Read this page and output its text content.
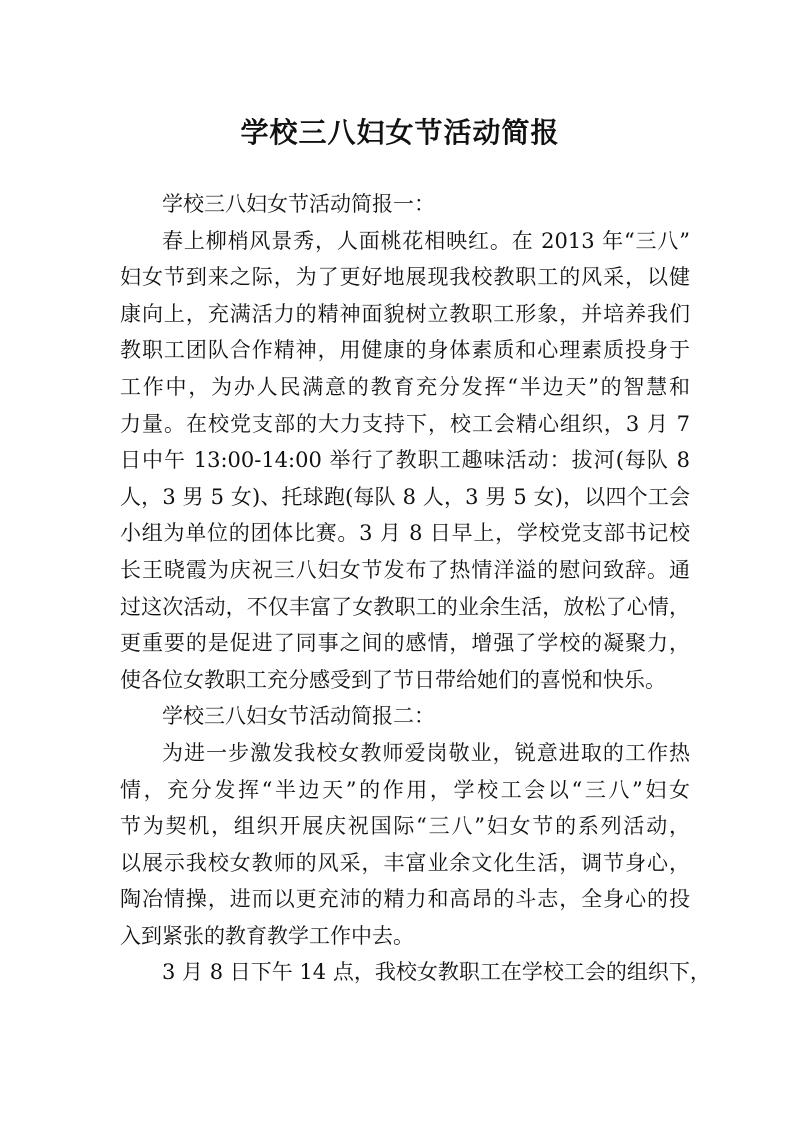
学校三八妇女节活动简报

学校三八妇女节活动简报一：

春上柳梢风景秀，人面桃花相映红。在 2013 年“三八”
妇女节到来之际，为了更好地展现我校教职工的风采，以健
康向上，充满活力的精神面貌树立教职工形象，并培养我们
教职工团队合作精神，用健康的身体素质和心理素质投身于
工作中，为办人民满意的教育充分发挥“半边天”的智慧和
力量。在校党支部的大力支持下，校工会精心组织，3 月 7
日中午 13:00-14:00 举行了教职工趣味活动：拔河(每队 8
人，3 男 5 女)、托球跑(每队 8 人，3 男 5 女)，以四个工会
小组为单位的团体比赛。3 月 8 日早上，学校党支部书记校
长王晓霞为庆祝三八妇女节发布了热情洋溢的慰问致辞。通
过这次活动，不仅丰富了女教职工的业余生活，放松了心情，
更重要的是促进了同事之间的感情，增强了学校的凝聚力，
使各位女教职工充分感受到了节日带给她们的喜悦和快乐。

学校三八妇女节活动简报二：

为进一步激发我校女教师爱岗敬业，锐意进取的工作热
情，充分发挥“半边天”的作用，学校工会以“三八”妇女
节为契机，组织开展庆祝国际“三八”妇女节的系列活动，
以展示我校女教师的风采，丰富业余文化生活，调节身心，
陶冶情操，进而以更充沛的精力和高昂的斗志，全身心的投
入到紧张的教育教学工作中去。

3 月 8 日下午 14 点，我校女教职工在学校工会的组织下，
